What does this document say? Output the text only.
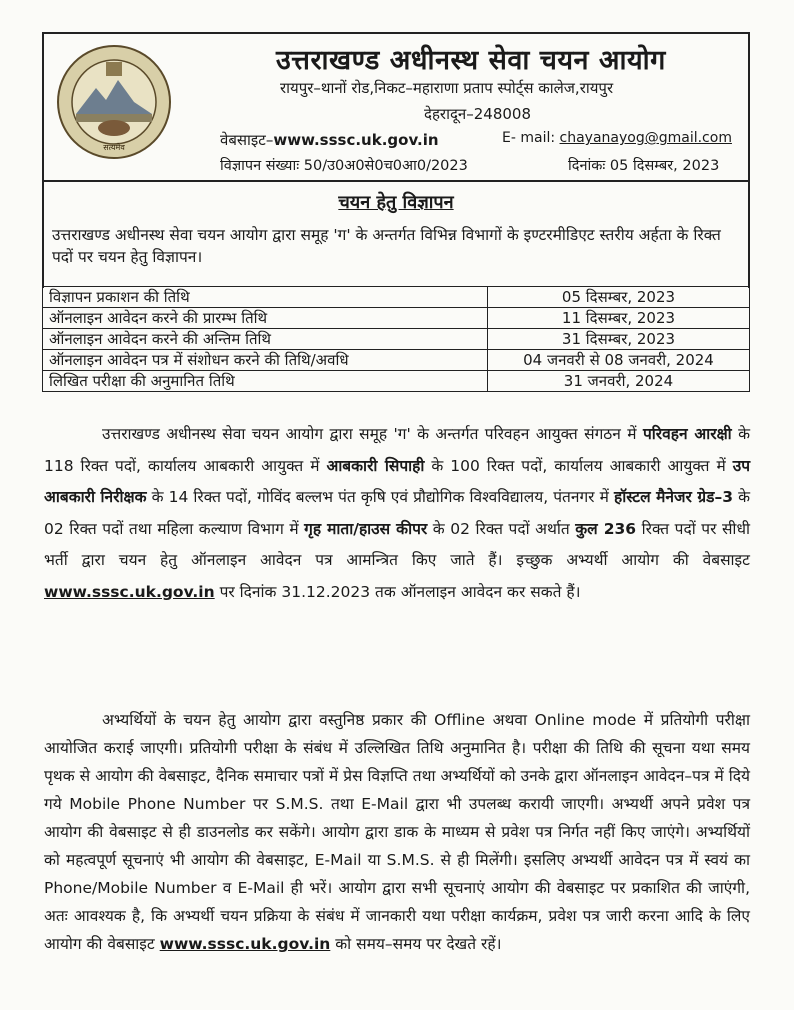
सत्यमेव
उत्तराखण्ड अधीनस्थ सेवा चयन आयोग
रायपुर–थानों रोड,निकट–महाराणा प्रताप स्पोर्ट्स कालेज,रायपुर
देहरादून–248008
वेबसाइट–www.sssc.uk.gov.in	E- mail: chayanayog@gmail.com
विज्ञापन संख्याः 50/उ0अ0से0च0आ0/2023	दिनांकः 05 दिसम्बर, 2023
चयन हेतु विज्ञापन
उत्तराखण्ड अधीनस्थ सेवा चयन आयोग द्वारा समूह 'ग' के अन्तर्गत विभिन्न विभागों के इण्टरमीडिएट स्तरीय अर्हता के रिक्त पदों पर चयन हेतु विज्ञापन।
विज्ञापन प्रकाशन की तिथि	05 दिसम्बर, 2023
ऑनलाइन आवेदन करने की प्रारम्भ तिथि	11 दिसम्बर, 2023
ऑनलाइन आवेदन करने की अन्तिम तिथि	31 दिसम्बर, 2023
ऑनलाइन आवेदन पत्र में संशोधन करने की तिथि/अवधि	04 जनवरी से 08 जनवरी, 2024
लिखित परीक्षा की अनुमानित तिथि	31 जनवरी, 2024
उत्तराखण्ड अधीनस्थ सेवा चयन आयोग द्वारा समूह 'ग' के अन्तर्गत परिवहन आयुक्त संगठन में परिवहन आरक्षी के 118 रिक्त पदों, कार्यालय आबकारी आयुक्त में आबकारी सिपाही के 100 रिक्त पदों, कार्यालय आबकारी आयुक्त में उप आबकारी निरीक्षक के 14 रिक्त पदों, गोविंद बल्लभ पंत कृषि एवं प्रौद्योगिक विश्वविद्यालय, पंतनगर में हॉस्टल मैनेजर ग्रेड–3 के 02 रिक्त पदों तथा महिला कल्याण विभाग में गृह माता/हाउस कीपर के 02 रिक्त पदों अर्थात कुल 236 रिक्त पदों पर सीधी भर्ती द्वारा चयन हेतु ऑनलाइन आवेदन पत्र आमन्त्रित किए जाते हैं। इच्छुक अभ्यर्थी आयोग की वेबसाइट www.sssc.uk.gov.in पर दिनांक 31.12.2023 तक ऑनलाइन आवेदन कर सकते हैं।
अभ्यर्थियों के चयन हेतु आयोग द्वारा वस्तुनिष्ठ प्रकार की Offline अथवा Online mode में प्रतियोगी परीक्षा आयोजित कराई जाएगी। प्रतियोगी परीक्षा के संबंध में उल्लिखित तिथि अनुमानित है। परीक्षा की तिथि की सूचना यथा समय पृथक से आयोग की वेबसाइट, दैनिक समाचार पत्रों में प्रेस विज्ञप्ति तथा अभ्यर्थियों को उनके द्वारा ऑनलाइन आवेदन–पत्र में दिये गये Mobile Phone Number पर S.M.S. तथा E-Mail द्वारा भी उपलब्ध करायी जाएगी। अभ्यर्थी अपने प्रवेश पत्र आयोग की वेबसाइट से ही डाउनलोड कर सकेंगे। आयोग द्वारा डाक के माध्यम से प्रवेश पत्र निर्गत नहीं किए जाएंगे। अभ्यर्थियों को महत्वपूर्ण सूचनाएं भी आयोग की वेबसाइट, E-Mail या S.M.S. से ही मिलेंगी। इसलिए अभ्यर्थी आवेदन पत्र में स्वयं का Phone/Mobile Number व E-Mail ही भरें। आयोग द्वारा सभी सूचनाएं आयोग की वेबसाइट पर प्रकाशित की जाएंगी, अतः आवश्यक है, कि अभ्यर्थी चयन प्रक्रिया के संबंध में जानकारी यथा परीक्षा कार्यक्रम, प्रवेश पत्र जारी करना आदि के लिए आयोग की वेबसाइट www.sssc.uk.gov.in को समय–समय पर देखते रहें।
